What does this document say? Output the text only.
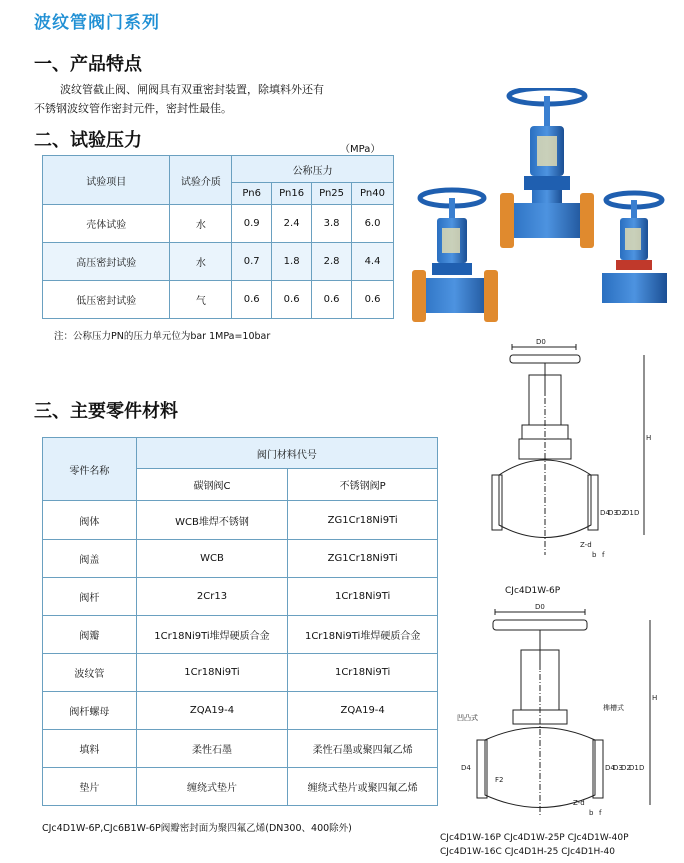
波纹管阀门系列
一、产品特点
波纹管截止阀、闸阀具有双重密封装置，除填料外还有
不锈钢波纹管作密封元件，密封性最佳。
二、试验压力	（MPa）
试验项目	试验介质	公称压力			
		Pn6	Pn16	Pn25	Pn40
壳体试验	水	0.9	2.4	3.8	6.0
高压密封试验	水	0.7	1.8	2.8	4.4
低压密封试验	气	0.6	0.6	0.6	0.6
注：公称压力PN的压力单元位为bar 1MPa=10bar
三、主要零件材料
零件名称	阀门材料代号	
	碳钢阀C	不锈钢阀P
阀体	WCB堆焊不锈钢	ZG1Cr18Ni9Ti
阀盖	WCB	ZG1Cr18Ni9Ti
阀杆	2Cr13	1Cr18Ni9Ti
阀瓣	1Cr18Ni9Ti堆焊硬质合金	1Cr18Ni9Ti堆焊硬质合金
波纹管	1Cr18Ni9Ti	1Cr18Ni9Ti
阀杆螺母	ZQA19-4	ZQA19-4
填料	柔性石墨	柔性石墨或聚四氟乙烯
垫片	缠绕式垫片	缠绕式垫片或聚四氟乙烯
CJc4D1W-6P,CJc6B1W-6P阀瓣密封面为聚四氟乙烯(DN300、400除外)
D0
H
D4
D3
D2
D1 D
Z-d
b f
CJc4D1W-6P
D0
H
凹凸式
榫槽式
D4
F2
D4
D3
D2
D1 D
Z-d
b f
CJc4D1W-16P CJc4D1W-25P CJc4D1W-40P
CJc4D1W-16C CJc4D1H-25 CJc4D1H-40
